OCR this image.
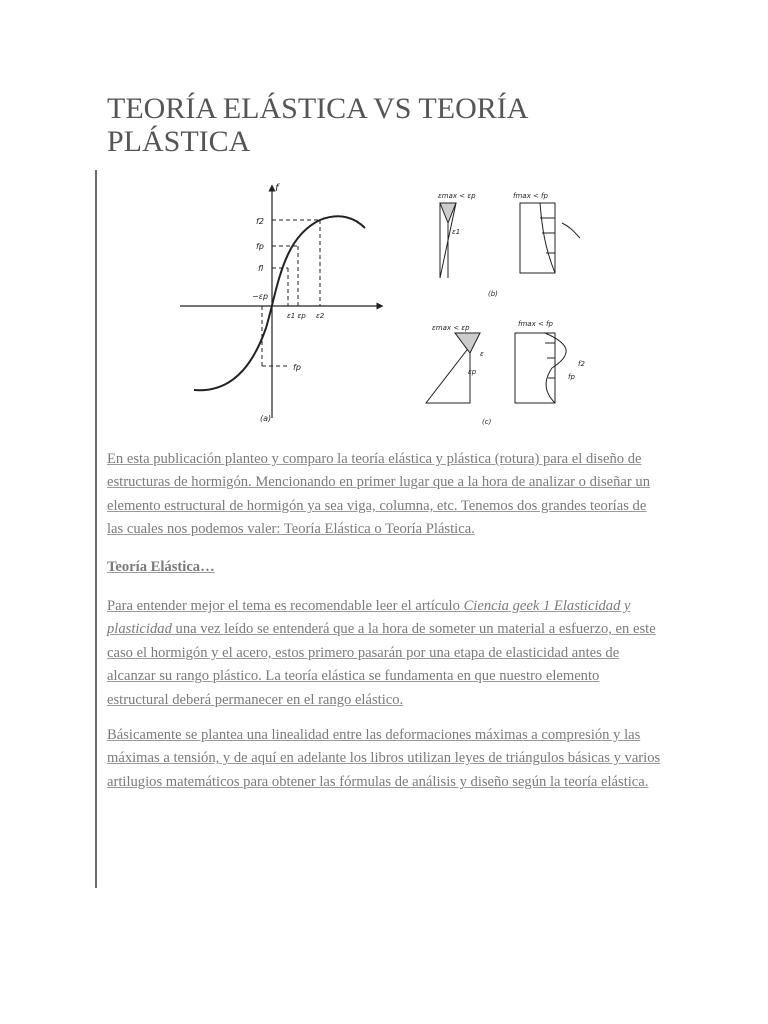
TEORÍA ELÁSTICA VS TEORÍA PLÁSTICA
f
f2
fp
fl
−εp
ε1 εp ε2
fp
(a)
εmax < εp
ε1
fmax < fp
(b)
εmax < εp
ε
εp
fmax < fp
f2
fp
(c)

En esta publicación planteo y comparo la teoría elástica y plástica (rotura) para el diseño de estructuras de hormigón. Mencionando en primer lugar que a la hora de analizar o diseñar un elemento estructural de hormigón ya sea viga, columna, etc. Tenemos dos grandes teorías de las cuales nos podemos valer: Teoría Elástica o Teoría Plástica.

Teoría Elástica…

Para entender mejor el tema es recomendable leer el artículo Ciencia geek 1 Elasticidad y plasticidad una vez leído se entenderá que a la hora de someter un material a esfuerzo, en este caso el hormigón y el acero, estos primero pasarán por una etapa de elasticidad antes de alcanzar su rango plástico. La teoría elástica se fundamenta en que nuestro elemento estructural deberá permanecer en el rango elástico.

Básicamente se plantea una linealidad entre las deformaciones máximas a compresión y las máximas a tensión, y de aquí en adelante los libros utilizan leyes de triángulos básicas y varios artilugios matemáticos para obtener las fórmulas de análisis y diseño según la teoría elástica.
